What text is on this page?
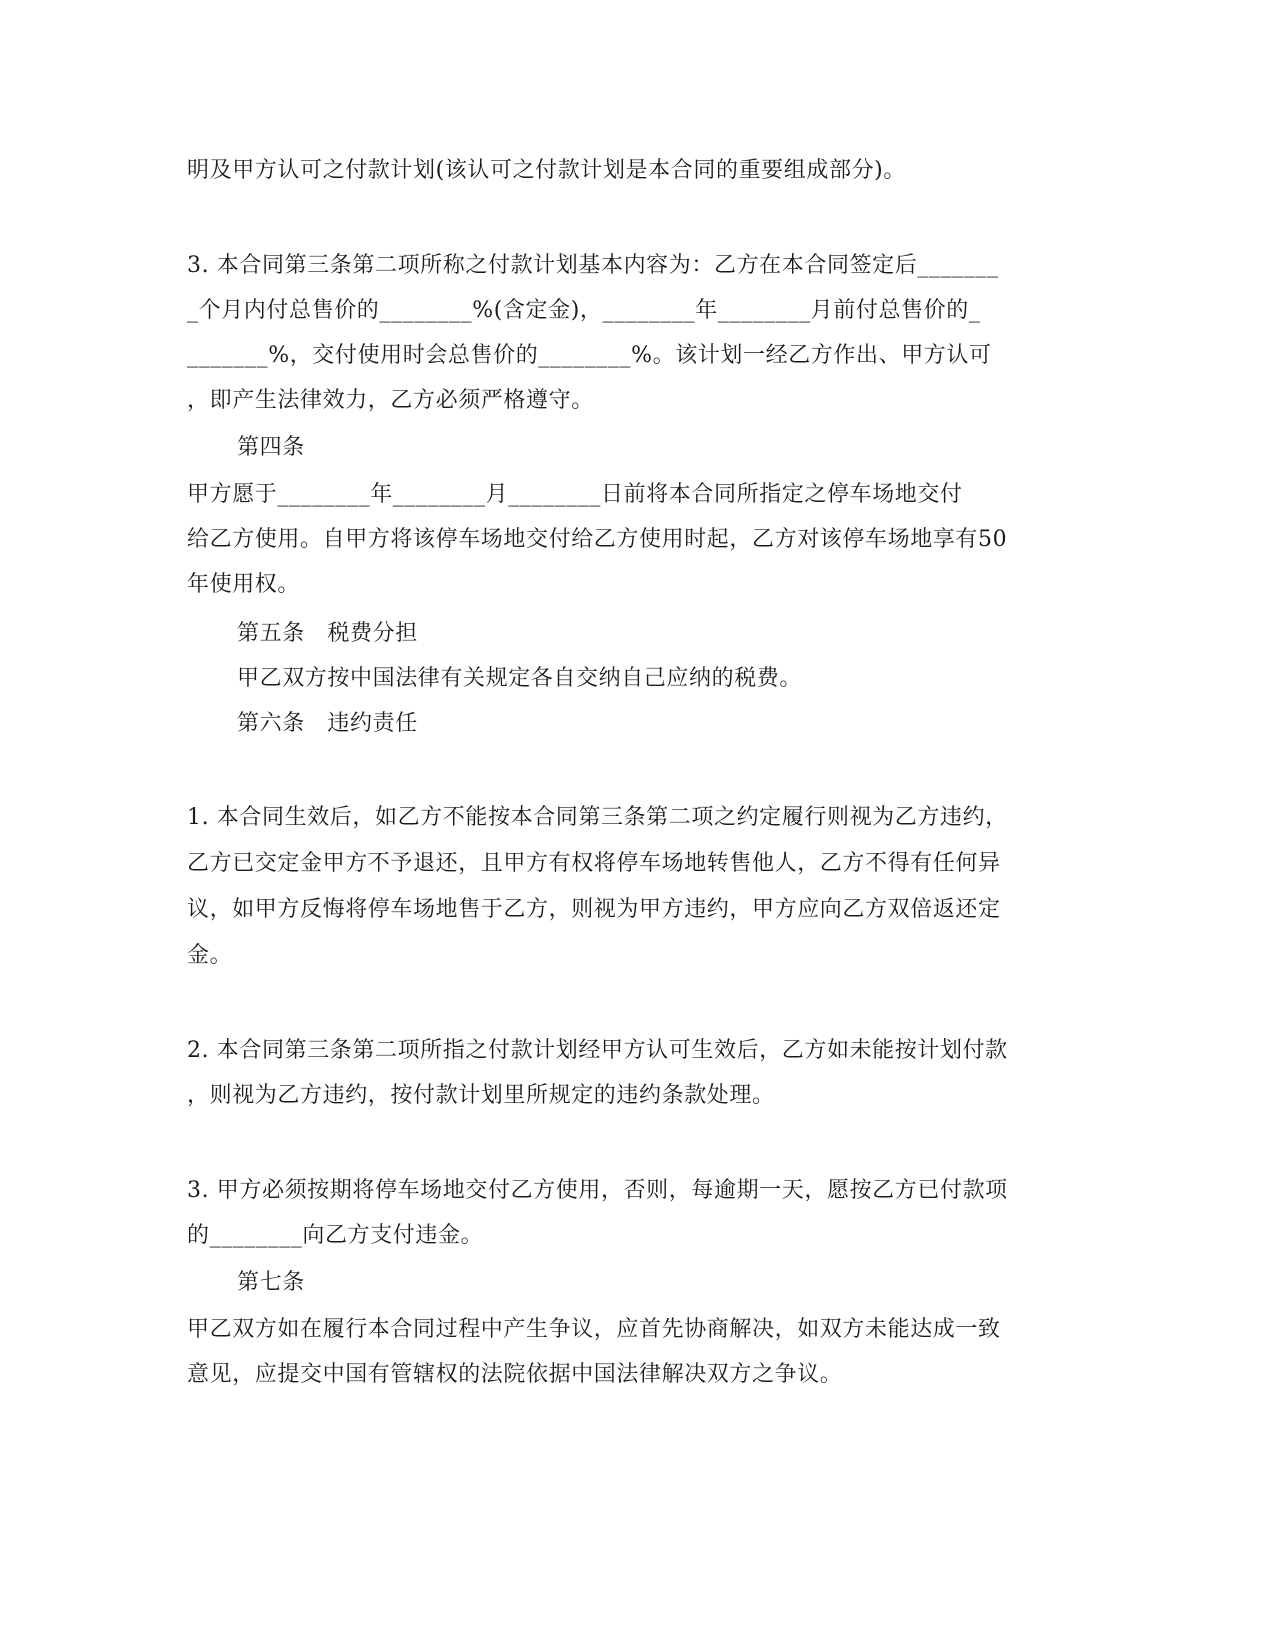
明及甲方认可之付款计划(该认可之付款计划是本合同的重要组成部分)。

3. 本合同第三条第二项所称之付款计划基本内容为：乙方在本合同签定后_______

_个月内付总售价的________%(含定金)，________年________月前付总售价的_

_______%，交付使用时会总售价的________%。该计划一经乙方作出、甲方认可

，即产生法律效力，乙方必须严格遵守。

第四条

甲方愿于________年________月________日前将本合同所指定之停车场地交付

给乙方使用。自甲方将该停车场地交付给乙方使用时起，乙方对该停车场地享有50

年使用权。

第五条　税费分担

甲乙双方按中国法律有关规定各自交纳自己应纳的税费。

第六条　违约责任

1. 本合同生效后，如乙方不能按本合同第三条第二项之约定履行则视为乙方违约，

乙方已交定金甲方不予退还，且甲方有权将停车场地转售他人，乙方不得有任何异

议，如甲方反悔将停车场地售于乙方，则视为甲方违约，甲方应向乙方双倍返还定

金。

2. 本合同第三条第二项所指之付款计划经甲方认可生效后，乙方如未能按计划付款

，则视为乙方违约，按付款计划里所规定的违约条款处理。

3. 甲方必须按期将停车场地交付乙方使用，否则，每逾期一天，愿按乙方已付款项

的________向乙方支付违金。

第七条

甲乙双方如在履行本合同过程中产生争议，应首先协商解决，如双方未能达成一致

意见，应提交中国有管辖权的法院依据中国法律解决双方之争议。
